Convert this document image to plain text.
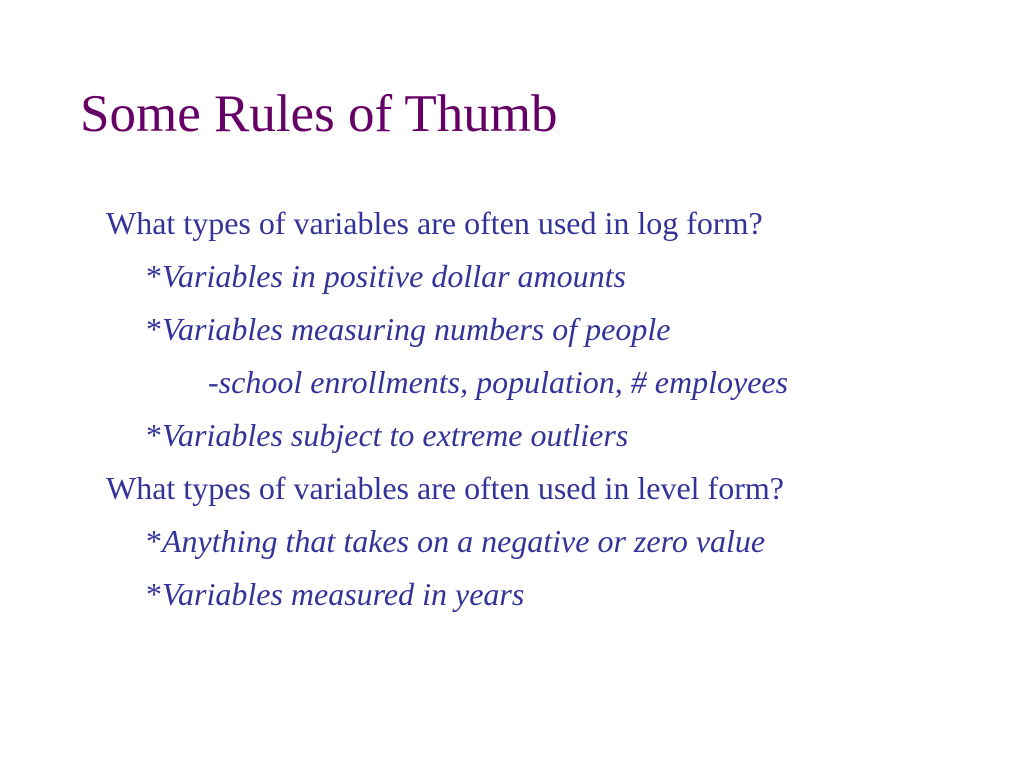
Some Rules of Thumb
What types of variables are often used in log form?
*Variables in positive dollar amounts
*Variables measuring numbers of people
-school enrollments, population, # employees
*Variables subject to extreme outliers
What types of variables are often used in level form?
*Anything that takes on a negative or zero value
*Variables measured in years
